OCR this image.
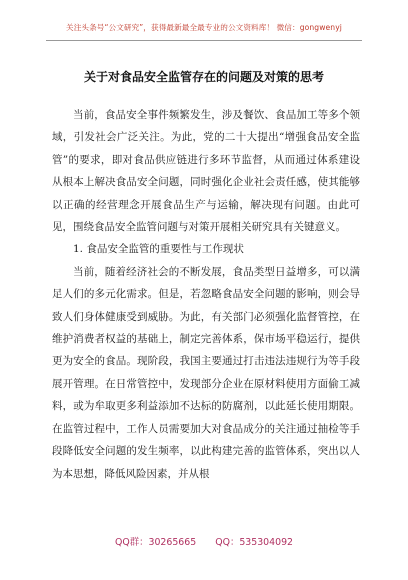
关注头条号“公文研究”，获得最新最全最专业的公文资料库！ 微信：gongwenyj
关于对食品安全监管存在的问题及对策的思考

当前，食品安全事件频繁发生，涉及餐饮、食品加工等多个领域，引发社会广泛关注。为此，党的二十大提出“增强食品安全监管”的要求，即对食品供应链进行多环节监督，从而通过体系建设从根本上解决食品安全问题，同时强化企业社会责任感，使其能够以正确的经营理念开展食品生产与运输，解决现有问题。由此可见，围绕食品安全监管问题与对策开展相关研究具有关键意义。

1. 食品安全监管的重要性与工作现状

当前，随着经济社会的不断发展，食品类型日益增多，可以满足人们的多元化需求。但是，若忽略食品安全问题的影响，则会导致人们身体健康受到威胁。为此，有关部门必须强化监督管控，在维护消费者权益的基础上，制定完善体系，保市场平稳运行，提供更为安全的食品。现阶段，我国主要通过打击违法违规行为等手段展开管理。在日常管控中，发现部分企业在原材料使用方面偷工减料，或为牟取更多利益添加不达标的防腐剂，以此延长使用期限。在监管过程中，工作人员需要加大对食品成分的关注通过抽检等手段降低安全问题的发生频率，以此构建完善的监管体系，突出以人为本思想，降低风险因素，并从根

QQ群：30265665 QQ：535304092
